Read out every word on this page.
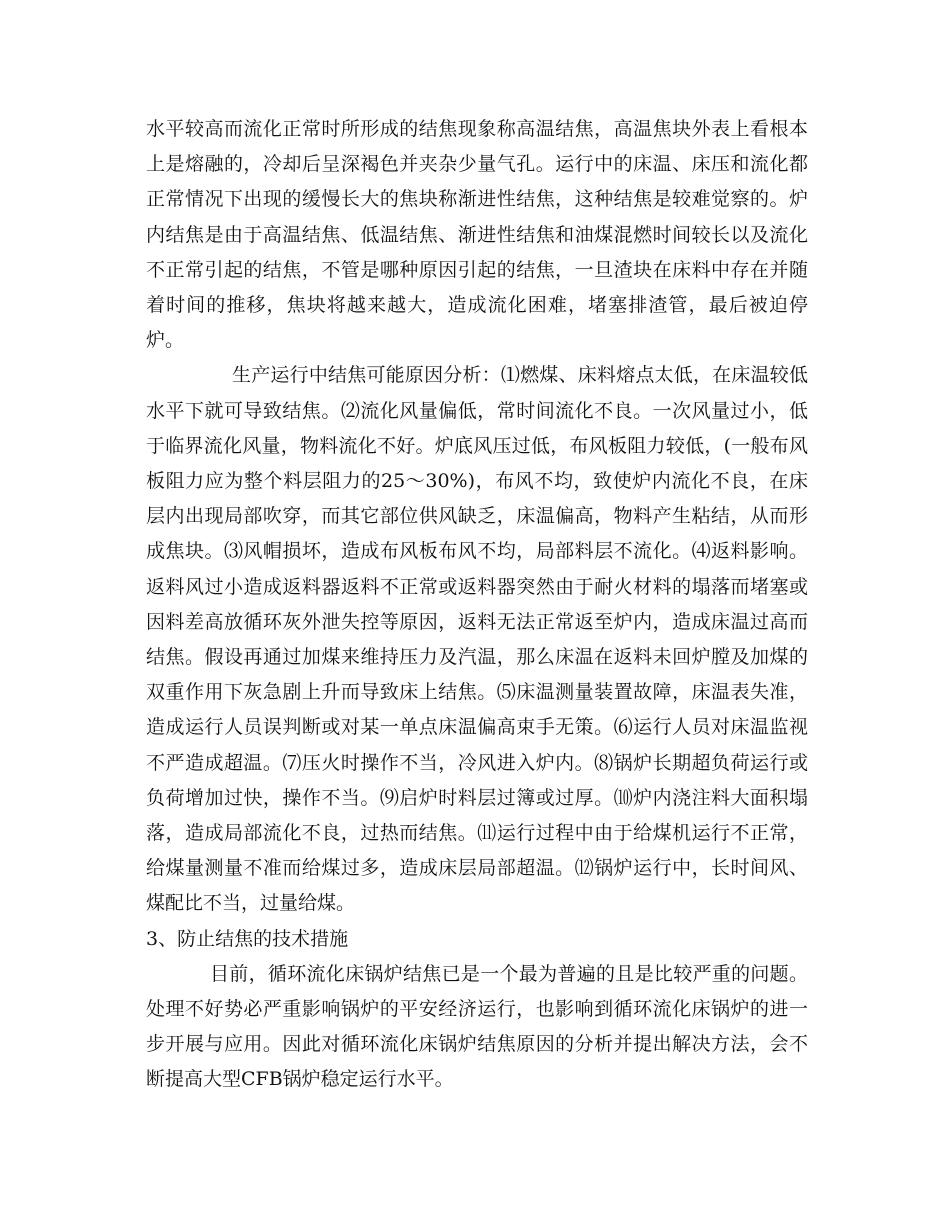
水平较高而流化正常时所形成的结焦现象称高温结焦，高温焦块外表上看根本上是熔融的，冷却后呈深褐色并夹杂少量气孔。运行中的床温、床压和流化都正常情况下出现的缓慢长大的焦块称渐进性结焦，这种结焦是较难觉察的。炉内结焦是由于高温结焦、低温结焦、渐进性结焦和油煤混燃时间较长以及流化不正常引起的结焦，不管是哪种原因引起的结焦，一旦渣块在床料中存在并随着时间的推移，焦块将越来越大，造成流化困难，堵塞排渣管，最后被迫停炉。

生产运行中结焦可能原因分析：⑴燃煤、床料熔点太低，在床温较低水平下就可导致结焦。⑵流化风量偏低，常时间流化不良。一次风量过小，低于临界流化风量，物料流化不好。炉底风压过低，布风板阻力较低，(一般布风板阻力应为整个料层阻力的25～30%)，布风不均，致使炉内流化不良，在床层内出现局部吹穿，而其它部位供风缺乏，床温偏高，物料产生粘结，从而形成焦块。⑶风帽损坏，造成布风板布风不均，局部料层不流化。⑷返料影响。返料风过小造成返料器返料不正常或返料器突然由于耐火材料的塌落而堵塞或因料差高放循环灰外泄失控等原因，返料无法正常返至炉内，造成床温过高而结焦。假设再通过加煤来维持压力及汽温，那么床温在返料未回炉膛及加煤的双重作用下灰急剧上升而导致床上结焦。⑸床温测量装置故障，床温表失准，造成运行人员误判断或对某一单点床温偏高束手无策。⑹运行人员对床温监视不严造成超温。⑺压火时操作不当，冷风进入炉内。⑻锅炉长期超负荷运行或负荷增加过快，操作不当。⑼启炉时料层过簿或过厚。⑽炉内浇注料大面积塌落，造成局部流化不良，过热而结焦。⑾运行过程中由于给煤机运行不正常，给煤量测量不准而给煤过多，造成床层局部超温。⑿锅炉运行中，长时间风、煤配比不当，过量给煤。

3、防止结焦的技术措施

目前，循环流化床锅炉结焦已是一个最为普遍的且是比较严重的问题。处理不好势必严重影响锅炉的平安经济运行，也影响到循环流化床锅炉的进一步开展与应用。因此对循环流化床锅炉结焦原因的分析并提出解决方法，会不断提高大型CFB锅炉稳定运行水平。
